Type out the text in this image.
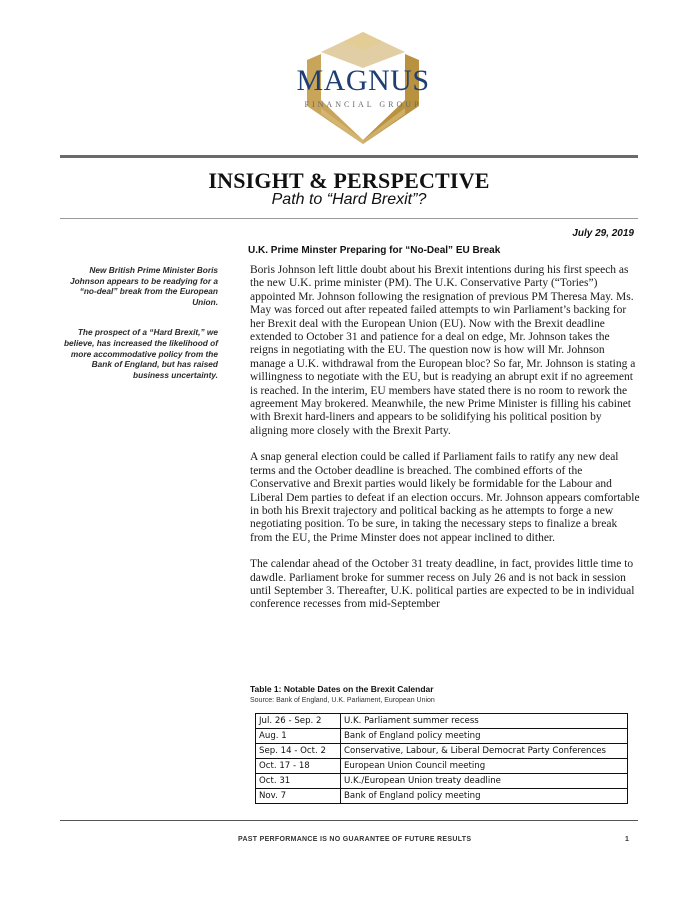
MAGNUS
FINANCIAL GROUP
INSIGHT & PERSPECTIVE
Path to “Hard Brexit”?
July 29, 2019
U.K. Prime Minster Preparing for “No-Deal” EU Break

New British Prime Minister Boris Johnson appears to be readying for a “no-deal” break from the European Union.

The prospect of a “Hard Brexit,” we believe, has increased the likelihood of more accommodative policy from the Bank of England, but has raised business uncertainty.

Boris Johnson left little doubt about his Brexit intentions during his first speech as the new U.K. prime minister (PM). The U.K. Conservative Party (“Tories”) appointed Mr. Johnson following the resignation of previous PM Theresa May. Ms. May was forced out after repeated failed attempts to win Parliament’s backing for her Brexit deal with the European Union (EU). Now with the Brexit deadline extended to October 31 and patience for a deal on edge, Mr. Johnson takes the reigns in negotiating with the EU. The question now is how will Mr. Johnson manage a U.K. withdrawal from the European bloc? So far, Mr. Johnson is stating a willingness to negotiate with the EU, but is readying an abrupt exit if no agreement is reached. In the interim, EU members have stated there is no room to rework the agreement May brokered. Meanwhile, the new Prime Minister is filling his cabinet with Brexit hard-liners and appears to be solidifying his political position by aligning more closely with the Brexit Party.

A snap general election could be called if Parliament fails to ratify any new deal terms and the October deadline is breached. The combined efforts of the Conservative and Brexit parties would likely be formidable for the Labour and Liberal Dem parties to defeat if an election occurs. Mr. Johnson appears comfortable in both his Brexit trajectory and political backing as he attempts to forge a new negotiating position. To be sure, in taking the necessary steps to finalize a break from the EU, the Prime Minster does not appear inclined to dither.

The calendar ahead of the October 31 treaty deadline, in fact, provides little time to dawdle. Parliament broke for summer recess on July 26 and is not back in session until September 3. Thereafter, U.K. political parties are expected to be in individual conference recesses from mid-September

Table 1: Notable Dates on the Brexit Calendar
Source: Bank of England, U.K. Parliament, European Union
Jul. 26 - Sep. 2	U.K. Parliament summer recess
Aug. 1	Bank of England policy meeting
Sep. 14 - Oct. 2	Conservative, Labour, & Liberal Democrat Party Conferences
Oct. 17 - 18	European Union Council meeting
Oct. 31	U.K./European Union treaty deadline
Nov. 7	Bank of England policy meeting
PAST PERFORMANCE IS NO GUARANTEE OF FUTURE RESULTS	1
